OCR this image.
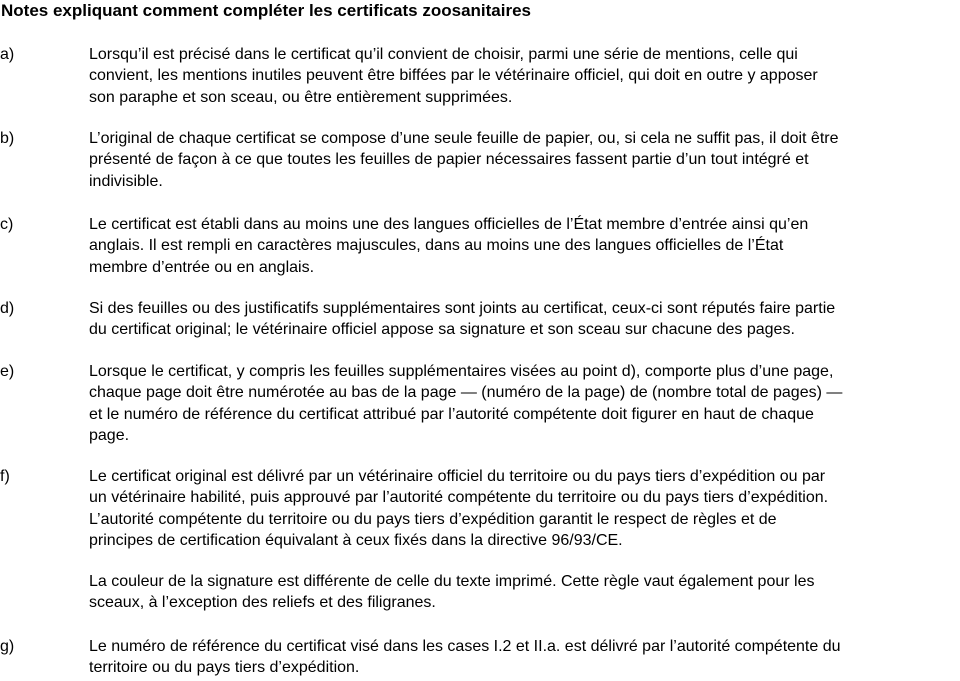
Notes expliquant comment compléter les certificats zoosanitaires
a)	Lorsqu’il est précisé dans le certificat qu’il convient de choisir, parmi une série de mentions, celle qui
convient, les mentions inutiles peuvent être biffées par le vétérinaire officiel, qui doit en outre y apposer
son paraphe et son sceau, ou être entièrement supprimées.
b)	L’original de chaque certificat se compose d’une seule feuille de papier, ou, si cela ne suffit pas, il doit être
présenté de façon à ce que toutes les feuilles de papier nécessaires fassent partie d’un tout intégré et
indivisible.
c)	Le certificat est établi dans au moins une des langues officielles de l’État membre d’entrée ainsi qu’en
anglais. Il est rempli en caractères majuscules, dans au moins une des langues officielles de l’État
membre d’entrée ou en anglais.
d)	Si des feuilles ou des justificatifs supplémentaires sont joints au certificat, ceux-ci sont réputés faire partie
du certificat original; le vétérinaire officiel appose sa signature et son sceau sur chacune des pages.
e)	Lorsque le certificat, y compris les feuilles supplémentaires visées au point d), comporte plus d’une page,
chaque page doit être numérotée au bas de la page — (numéro de la page) de (nombre total de pages) —
et le numéro de référence du certificat attribué par l’autorité compétente doit figurer en haut de chaque
page.
f)	Le certificat original est délivré par un vétérinaire officiel du territoire ou du pays tiers d’expédition ou par
un vétérinaire habilité, puis approuvé par l’autorité compétente du territoire ou du pays tiers d’expédition.
L’autorité compétente du territoire ou du pays tiers d’expédition garantit le respect de règles et de
principes de certification équivalant à ceux fixés dans la directive 96/93/CE.
La couleur de la signature est différente de celle du texte imprimé. Cette règle vaut également pour les
sceaux, à l’exception des reliefs et des filigranes.
g)	Le numéro de référence du certificat visé dans les cases I.2 et II.a. est délivré par l’autorité compétente du
territoire ou du pays tiers d’expédition.
